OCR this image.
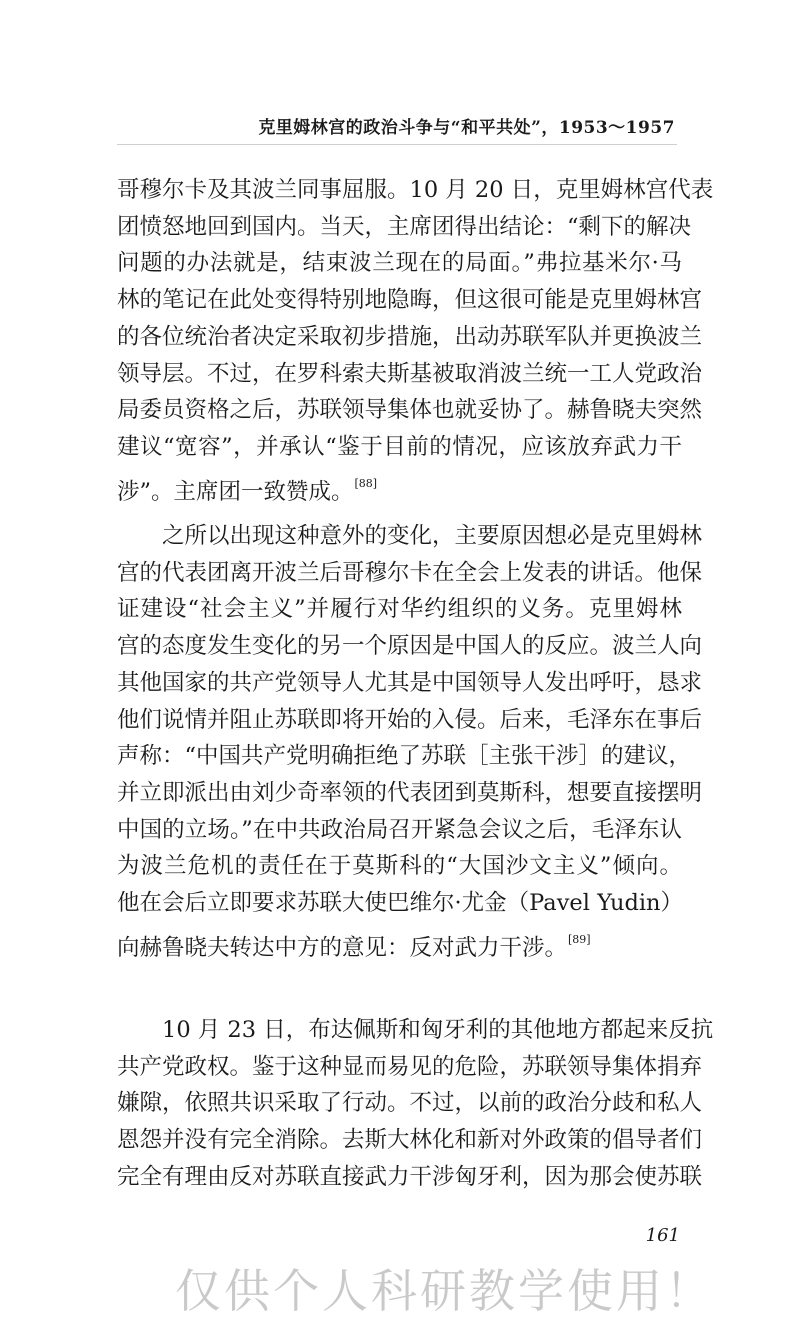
克里姆林宫的政治斗争与“和平共处”，1953～1957
哥穆尔卡及其波兰同事屈服。10 月 20 日，克里姆林宫代表
团愤怒地回到国内。当天，主席团得出结论：“剩下的解决
问题的办法就是，结束波兰现在的局面。”弗拉基米尔·马
林的笔记在此处变得特别地隐晦，但这很可能是克里姆林宫
的各位统治者决定采取初步措施，出动苏联军队并更换波兰
领导层。不过，在罗科索夫斯基被取消波兰统一工人党政治
局委员资格之后，苏联领导集体也就妥协了。赫鲁晓夫突然
建议“宽容”，并承认“鉴于目前的情况，应该放弃武力干
涉”。主席团一致赞成。[88]
之所以出现这种意外的变化，主要原因想必是克里姆林
宫的代表团离开波兰后哥穆尔卡在全会上发表的讲话。他保
证建设“社会主义”并履行对华约组织的义务。克里姆林
宫的态度发生变化的另一个原因是中国人的反应。波兰人向
其他国家的共产党领导人尤其是中国领导人发出呼吁，恳求
他们说情并阻止苏联即将开始的入侵。后来，毛泽东在事后
声称：“中国共产党明确拒绝了苏联［主张干涉］的建议，
并立即派出由刘少奇率领的代表团到莫斯科，想要直接摆明
中国的立场。”在中共政治局召开紧急会议之后，毛泽东认
为波兰危机的责任在于莫斯科的“大国沙文主义”倾向。
他在会后立即要求苏联大使巴维尔·尤金（Pavel Yudin）
向赫鲁晓夫转达中方的意见：反对武力干涉。[89]
10 月 23 日，布达佩斯和匈牙利的其他地方都起来反抗
共产党政权。鉴于这种显而易见的危险，苏联领导集体捐弃
嫌隙，依照共识采取了行动。不过，以前的政治分歧和私人
恩怨并没有完全消除。去斯大林化和新对外政策的倡导者们
完全有理由反对苏联直接武力干涉匈牙利，因为那会使苏联
161
仅供个人科研教学使用！
